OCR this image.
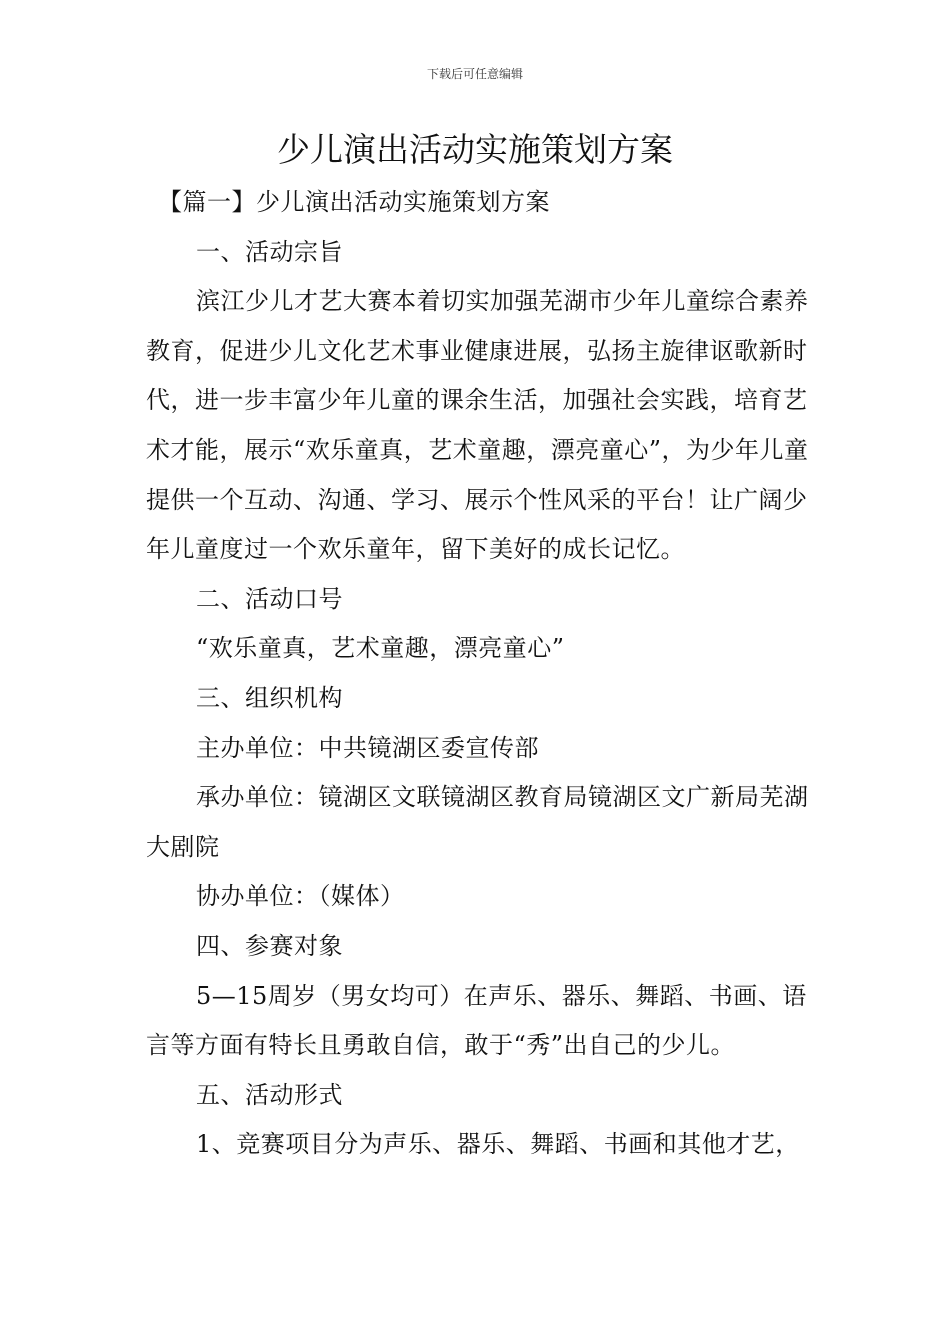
下载后可任意编辑
少儿演出活动实施策划方案

【篇一】少儿演出活动实施策划方案

一、活动宗旨

滨江少儿才艺大赛本着切实加强芜湖市少年儿童综合素养教育，促进少儿文化艺术事业健康进展，弘扬主旋律讴歌新时代，进一步丰富少年儿童的课余生活，加强社会实践，培育艺术才能，展示“欢乐童真，艺术童趣，漂亮童心”，为少年儿童提供一个互动、沟通、学习、展示个性风采的平台！让广阔少年儿童度过一个欢乐童年，留下美好的成长记忆。

二、活动口号

“欢乐童真，艺术童趣，漂亮童心”

三、组织机构

主办单位：中共镜湖区委宣传部

承办单位：镜湖区文联镜湖区教育局镜湖区文广新局芜湖大剧院

协办单位：（媒体）

四、参赛对象

5—15周岁（男女均可）在声乐、器乐、舞蹈、书画、语言等方面有特长且勇敢自信，敢于“秀”出自己的少儿。

五、活动形式

1、竞赛项目分为声乐、器乐、舞蹈、书画和其他才艺，
